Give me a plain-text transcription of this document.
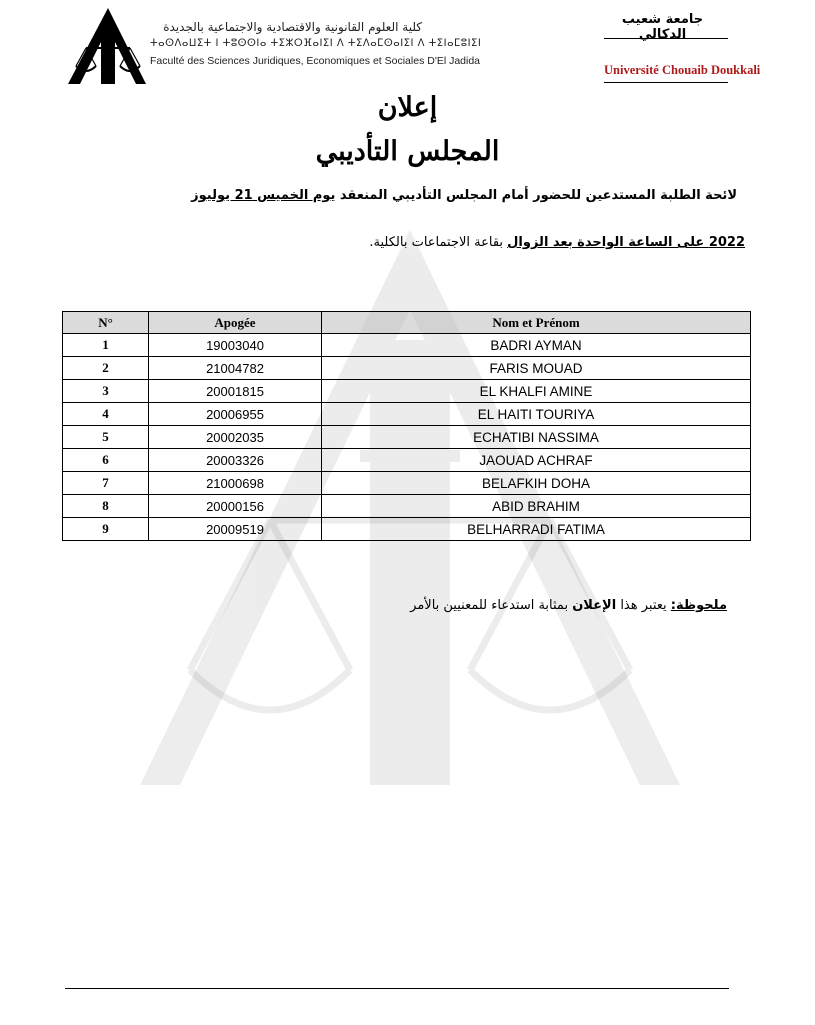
كلية العلوم القانونية والاقتصادية والاجتماعية بالجديدة
ⵜⴰⵙⴷⴰⵡⵉⵜ ⵏ ⵜⵓⵙⵙⵏⴰ ⵜⵉⵣⵔⴼⴰⵏⵉⵏ ⴷ ⵜⵉⴷⴰⵎⵙⴰⵏⵉⵏ ⴷ ⵜⵉⵏⴰⵎⵓⵏⵉⵏ
Faculté des Sciences Juridiques, Economiques et Sociales D'El Jadida
جامعة شعيب الدكالي
Université Chouaib Doukkali
إعلان
المجلس التأديبي
لائحة الطلبة المستدعين للحضور أمام المجلس التأديبي المنعقد يوم الخميس 21 يوليوز
2022 على الساعة الواحدة بعد الزوال بقاعة الاجتماعات بالكلية.
N°	Apogée	Nom et Prénom
1	19003040	BADRI AYMAN
2	21004782	FARIS MOUAD
3	20001815	EL KHALFI AMINE
4	20006955	EL HAITI TOURIYA
5	20002035	ECHATIBI NASSIMA
6	20003326	JAOUAD ACHRAF
7	21000698	BELAFKIH DOHA
8	20000156	ABID BRAHIM
9	20009519	BELHARRADI FATIMA
ملحوظة: يعتبر هذا الإعلان بمثابة استدعاء للمعنيين بالأمر
